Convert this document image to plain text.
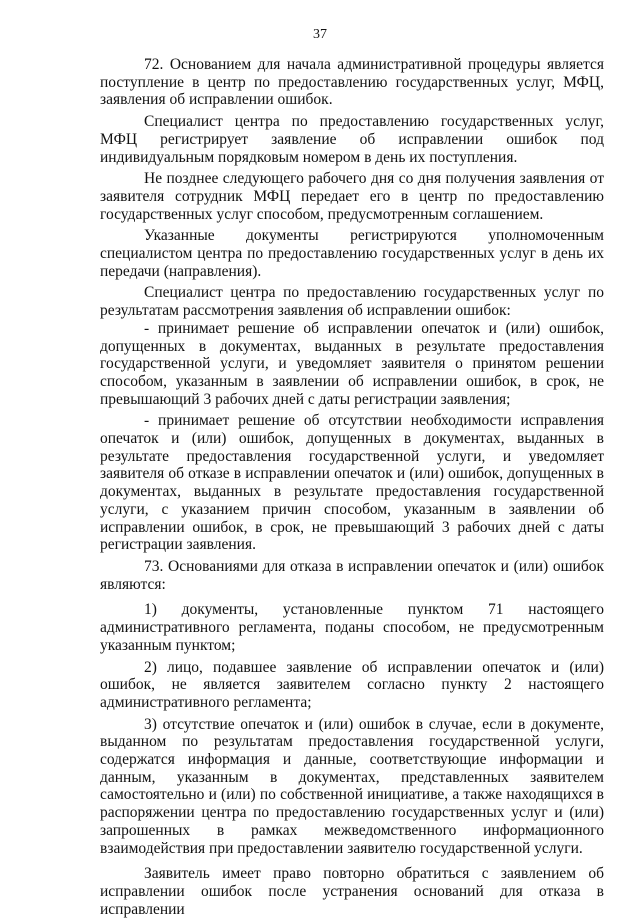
37

72. Основанием для начала административной процедуры является поступление в центр по предоставлению государственных услуг, МФЦ, заявления об исправлении ошибок.

Специалист центра по предоставлению государственных услуг, МФЦ регистрирует заявление об исправлении ошибок под индивидуальным порядковым номером в день их поступления.

Не позднее следующего рабочего дня со дня получения заявления от заявителя сотрудник МФЦ передает его в центр по предоставлению государственных услуг способом, предусмотренным соглашением.

Указанные документы регистрируются уполномоченным специалистом центра по предоставлению государственных услуг в день их передачи (направления).

Специалист центра по предоставлению государственных услуг по результатам рассмотрения заявления об исправлении ошибок:

- принимает решение об исправлении опечаток и (или) ошибок, допущенных в документах, выданных в результате предоставления государственной услуги, и уведомляет заявителя о принятом решении способом, указанным в заявлении об исправлении ошибок, в срок, не превышающий 3 рабочих дней с даты регистрации заявления;

- принимает решение об отсутствии необходимости исправления опечаток и (или) ошибок, допущенных в документах, выданных в результате предоставления государственной услуги, и уведомляет заявителя об отказе в исправлении опечаток и (или) ошибок, допущенных в документах, выданных в результате предоставления государственной услуги, с указанием причин способом, указанным в заявлении об исправлении ошибок, в срок, не превышающий 3 рабочих дней с даты регистрации заявления.

73. Основаниями для отказа в исправлении опечаток и (или) ошибок являются:

1) документы, установленные пунктом 71 настоящего административного регламента, поданы способом, не предусмотренным указанным пунктом;

2) лицо, подавшее заявление об исправлении опечаток и (или) ошибок, не является заявителем согласно пункту 2 настоящего административного регламента;

3) отсутствие опечаток и (или) ошибок в случае, если в документе, выданном по результатам предоставления государственной услуги, содержатся информация и данные, соответствующие информации и данным, указанным в документах, представленных заявителем самостоятельно и (или) по собственной инициативе, а также находящихся в распоряжении центра по предоставлению государственных услуг и (или) запрошенных в рамках межведомственного информационного взаимодействия при предоставлении заявителю государственной услуги.

Заявитель имеет право повторно обратиться с заявлением об исправлении ошибок после устранения оснований для отказа в исправлении
